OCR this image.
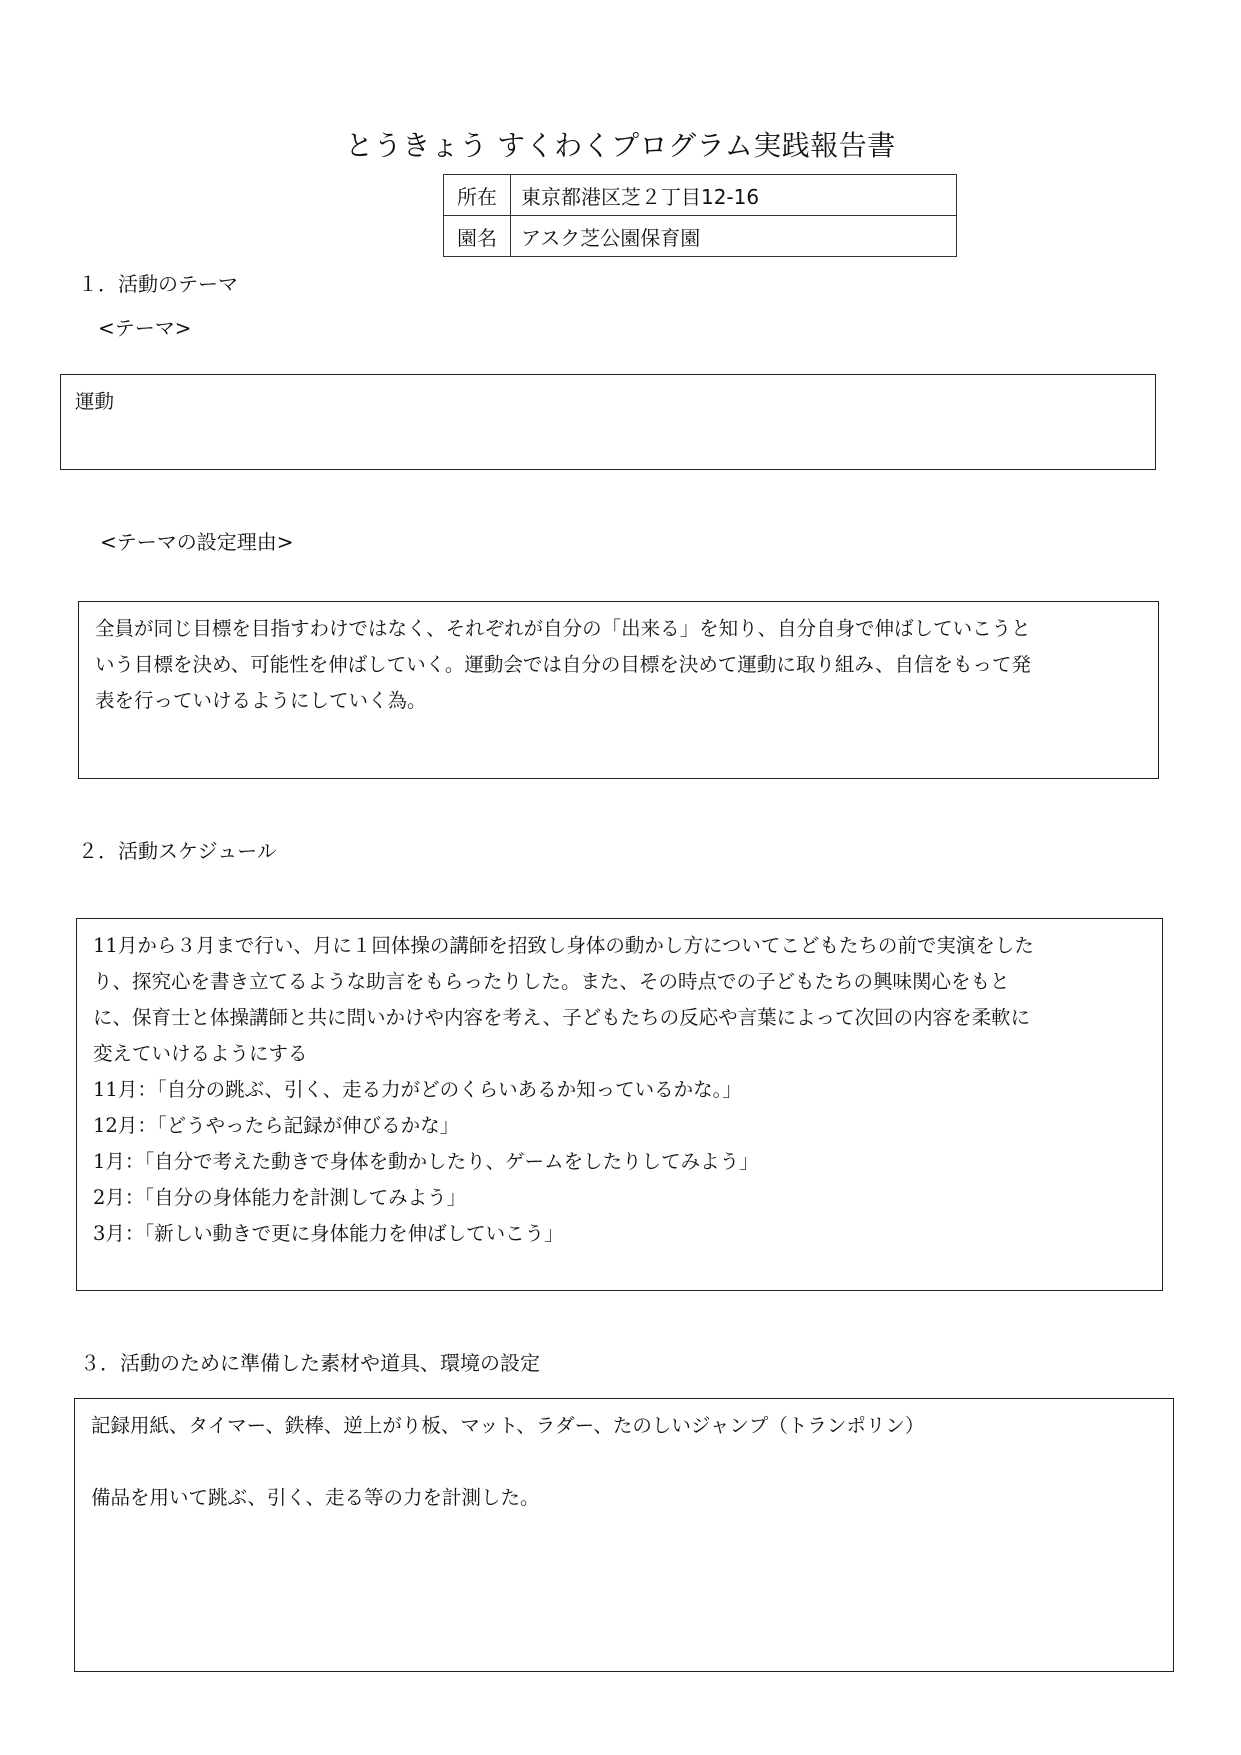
とうきょう すくわくプログラム実践報告書
所在	東京都港区芝２丁目12-16
園名	アスク芝公園保育園
１．活動のテーマ
<テーマ>

運動

<テーマの設定理由>

全員が同じ目標を目指すわけではなく、それぞれが自分の「出来る」を知り、自分自身で伸ばしていこうと

いう目標を決め、可能性を伸ばしていく。運動会では自分の目標を決めて運動に取り組み、自信をもって発

表を行っていけるようにしていく為。

２．活動スケジュール

11月から３月まで行い、月に１回体操の講師を招致し身体の動かし方についてこどもたちの前で実演をした

り、探究心を書き立てるような助言をもらったりした。また、その時点での子どもたちの興味関心をもと

に、保育士と体操講師と共に問いかけや内容を考え、子どもたちの反応や言葉によって次回の内容を柔軟に

変えていけるようにする

11月：「自分の跳ぶ、引く、走る力がどのくらいあるか知っているかな。」

12月：「どうやったら記録が伸びるかな」

1月：「自分で考えた動きで身体を動かしたり、ゲームをしたりしてみよう」

2月：「自分の身体能力を計測してみよう」

3月：「新しい動きで更に身体能力を伸ばしていこう」

３．活動のために準備した素材や道具、環境の設定

記録用紙、タイマー、鉄棒、逆上がり板、マット、ラダー、たのしいジャンプ（トランポリン）

備品を用いて跳ぶ、引く、走る等の力を計測した。
